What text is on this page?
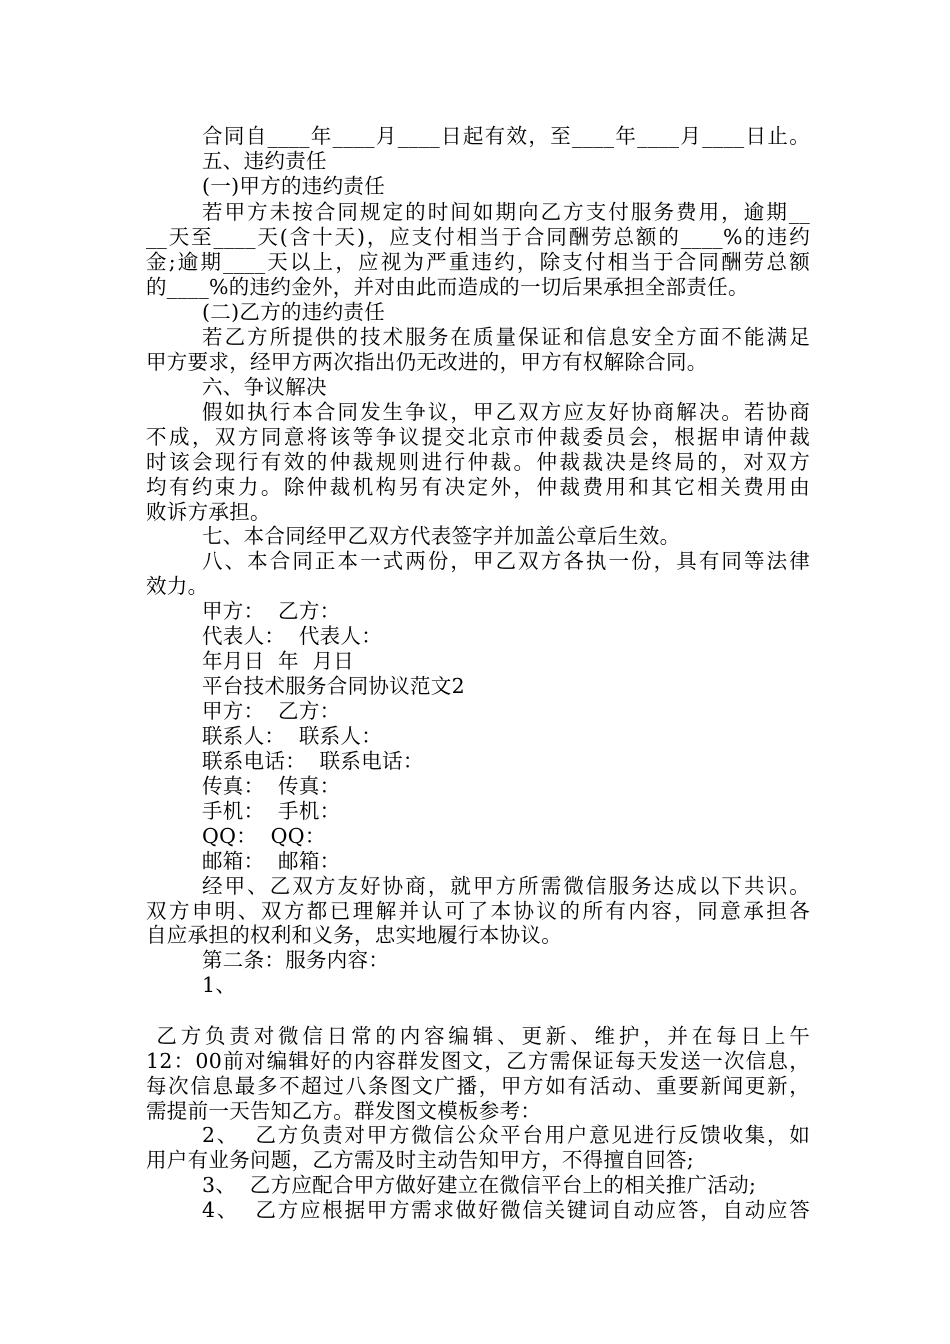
合同自____年____月____日起有效，至____年____月____日止。
五、违约责任
(一)甲方的违约责任
若甲方未按合同规定的时间如期向乙方支付服务费用，逾期__
__天至____天(含十天)，应支付相当于合同酬劳总额的____%的违约
金;逾期____天以上，应视为严重违约，除支付相当于合同酬劳总额
的____%的违约金外，并对由此而造成的一切后果承担全部责任。
(二)乙方的违约责任
若乙方所提供的技术服务在质量保证和信息安全方面不能满足
甲方要求，经甲方两次指出仍无改进的，甲方有权解除合同。
六、争议解决
假如执行本合同发生争议，甲乙双方应友好协商解决。若协商
不成，双方同意将该等争议提交北京市仲裁委员会，根据申请仲裁
时该会现行有效的仲裁规则进行仲裁。仲裁裁决是终局的，对双方
均有约束力。除仲裁机构另有决定外，仲裁费用和其它相关费用由
败诉方承担。
七、本合同经甲乙双方代表签字并加盖公章后生效。
八、本合同正本一式两份，甲乙双方各执一份，具有同等法律
效力。
甲方：  乙方：
代表人：  代表人：
年月日  年  月日
平台技术服务合同协议范文2
甲方：  乙方：
联系人：  联系人：
联系电话：  联系电话：
传真：  传真：
手机：  手机：
QQ：  QQ：
邮箱：  邮箱：
经甲、乙双方友好协商，就甲方所需微信服务达成以下共识。
双方申明、双方都已理解并认可了本协议的所有内容，同意承担各
自应承担的权利和义务，忠实地履行本协议。
第二条：服务内容：
1、
乙方负责对微信日常的内容编辑、更新、维护，并在每日上午
12：00前对编辑好的内容群发图文，乙方需保证每天发送一次信息，
每次信息最多不超过八条图文广播，甲方如有活动、重要新闻更新，
需提前一天告知乙方。群发图文模板参考：
2、  乙方负责对甲方微信公众平台用户意见进行反馈收集，如
用户有业务问题，乙方需及时主动告知甲方，不得擅自回答;
3、  乙方应配合甲方做好建立在微信平台上的相关推广活动;
4、  乙方应根据甲方需求做好微信关键词自动应答，自动应答
